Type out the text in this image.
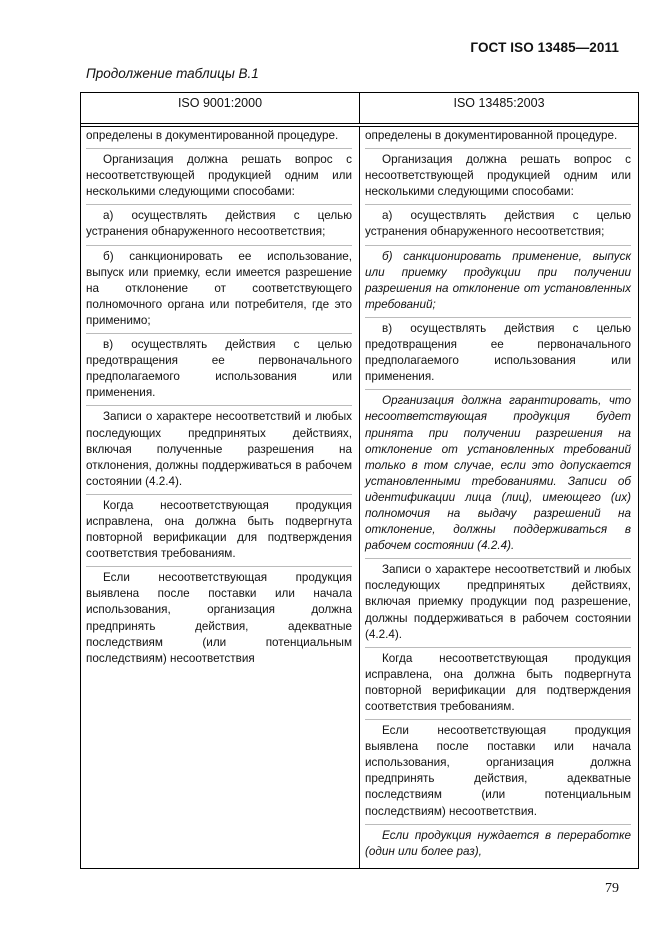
ГОСТ ISO 13485—2011
Продолжение таблицы В.1
ISO 9001:2000	ISO 13485:2003
определены в документированной процедуре.
Организация должна решать вопрос с несоответствующей продукцией одним или несколькими следующими способами:
а) осуществлять действия с целью устранения обнаруженного несоответствия;
б) санкционировать ее использование, выпуск или приемку, если имеется разрешение на отклонение от соответствующего полномочного органа или потребителя, где это применимо;
в) осуществлять действия с целью предотвращения ее первоначального предполагаемого использования или применения.
Записи о характере несоответствий и любых последующих предпринятых действиях, включая полученные разрешения на отклонения, должны поддерживаться в рабочем состоянии (4.2.4).
Когда несоответствующая продукция исправлена, она должна быть подвергнута повторной верификации для подтверждения соответствия требованиям.
Если несоответствующая продукция выявлена после поставки или начала использования, организация должна предпринять действия, адекватные последствиям (или потенциальным последствиям) несоответствия
определены в документированной процедуре.
Организация должна решать вопрос с несоответствующей продукцией одним или несколькими следующими способами:
а) осуществлять действия с целью устранения обнаруженного несоответствия;
б) санкционировать применение, выпуск или приемку продукции при получении разрешения на отклонение от установленных требований;
в) осуществлять действия с целью предотвращения ее первоначального предполагаемого использования или применения.
Организация должна гарантировать, что несоответствующая продукция будет принята при получении разрешения на отклонение от установленных требований только в том случае, если это допускается установленными требованиями. Записи об идентификации лица (лиц), имеющего (их) полномочия на выдачу разрешений на отклонение, должны поддерживаться в рабочем состоянии (4.2.4).
Записи о характере несоответствий и любых последующих предпринятых действиях, включая приемку продукции под разрешение, должны поддерживаться в рабочем состоянии (4.2.4).
Когда несоответствующая продукция исправлена, она должна быть подвергнута повторной верификации для подтверждения соответствия требованиям.
Если несоответствующая продукция выявлена после поставки или начала использования, организация должна предпринять действия, адекватные последствиям (или потенциальным последствиям) несоответствия.
Если продукция нуждается в переработке (один или более раз),
79
